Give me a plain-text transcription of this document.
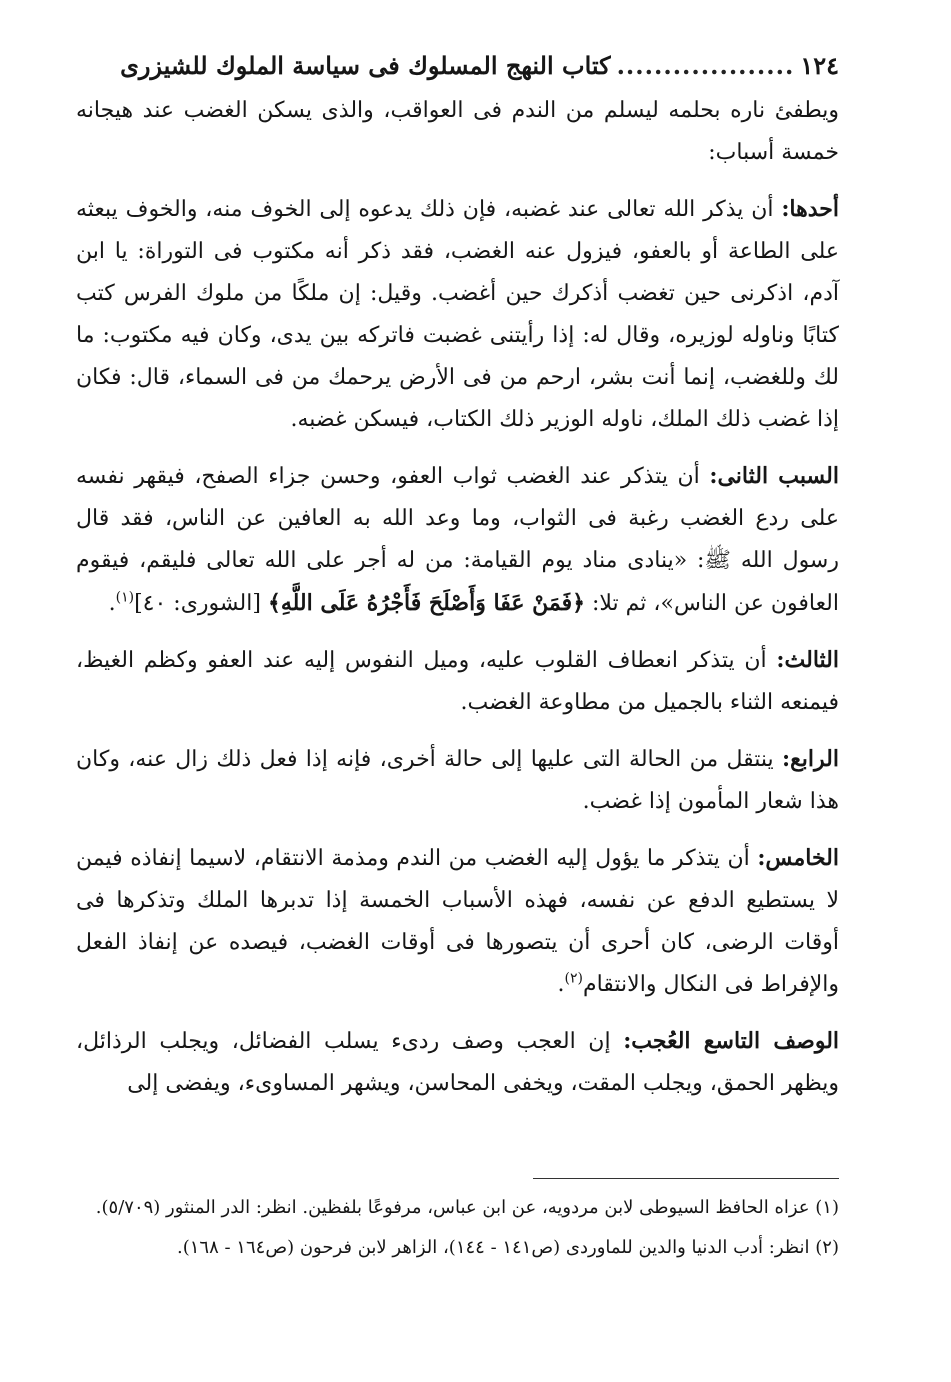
١٢٤
...................
كتاب النهج المسلوك فى سياسة الملوك للشيزرى

ويطفئ ناره بحلمه ليسلم من الندم فى العواقب، والذى يسكن الغضب عند هيجانه خمسة أسباب:

أحدها: أن يذكر الله تعالى عند غضبه، فإن ذلك يدعوه إلى الخوف منه، والخوف يبعثه على الطاعة أو بالعفو، فيزول عنه الغضب، فقد ذكر أنه مكتوب فى التوراة: يا ابن آدم، اذكرنى حين تغضب أذكرك حين أغضب. وقيل: إن ملكًا من ملوك الفرس كتب كتابًا وناوله لوزيره، وقال له: إذا رأيتنى غضبت فاتركه بين يدى، وكان فيه مكتوب: ما لك وللغضب، إنما أنت بشر، ارحم من فى الأرض يرحمك من فى السماء، قال: فكان إذا غضب ذلك الملك، ناوله الوزير ذلك الكتاب، فيسكن غضبه.

السبب الثانى: أن يتذكر عند الغضب ثواب العفو، وحسن جزاء الصفح، فيقهر نفسه على ردع الغضب رغبة فى الثواب، وما وعد الله به العافين عن الناس، فقد قال رسول الله ﷺ: «ينادى مناد يوم القيامة: من له أجر على الله تعالى فليقم، فيقوم العافون عن الناس»، ثم تلا: ﴿فَمَنْ عَفَا وَأَصْلَحَ فَأَجْرُهُ عَلَى اللَّهِ﴾ [الشورى: ٤٠]$^{(١)}$.

الثالث: أن يتذكر انعطاف القلوب عليه، وميل النفوس إليه عند العفو وكظم الغيظ، فيمنعه الثناء بالجميل من مطاوعة الغضب.

الرابع: ينتقل من الحالة التى عليها إلى حالة أخرى، فإنه إذا فعل ذلك زال عنه، وكان هذا شعار المأمون إذا غضب.

الخامس: أن يتذكر ما يؤول إليه الغضب من الندم ومذمة الانتقام، لاسيما إنفاذه فيمن لا يستطيع الدفع عن نفسه، فهذه الأسباب الخمسة إذا تدبرها الملك وتذكرها فى أوقات الرضى، كان أحرى أن يتصورها فى أوقات الغضب، فيصده عن إنفاذ الفعل والإفراط فى النكال والانتقام$^{(٢)}$.

الوصف التاسع العُجب: إن العجب وصف ردىء يسلب الفضائل، ويجلب الرذائل، ويظهر الحمق، ويجلب المقت، ويخفى المحاسن، ويشهر المساوىء، ويفضى إلى

(١) عزاه الحافظ السيوطى لابن مردويه، عن ابن عباس، مرفوعًا بلفظين. انظر: الدر المنثور (٥/٧٠٩).

(٢) انظر: أدب الدنيا والدين للماوردى (ص١٤١ - ١٤٤)، الزاهر لابن فرحون (ص١٦٤ - ١٦٨).
